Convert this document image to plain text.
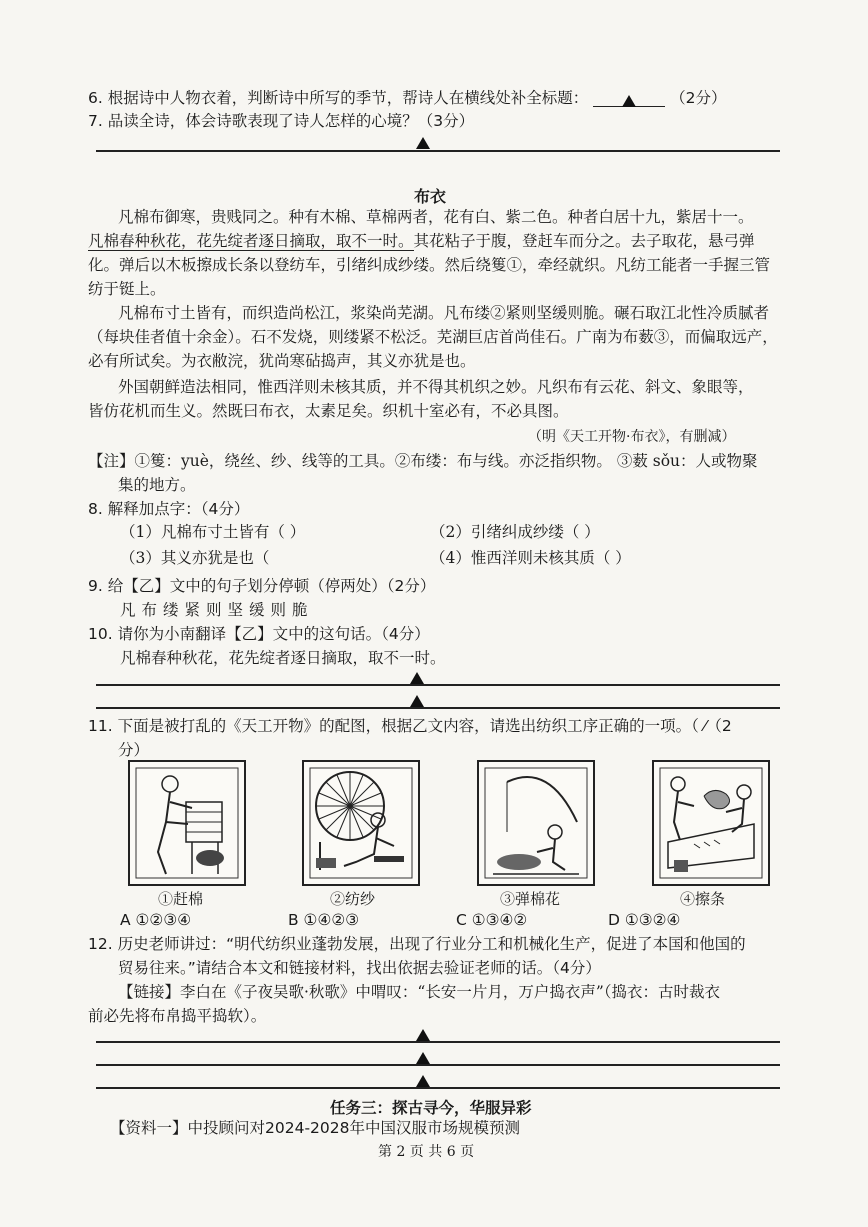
6. 根据诗中人物衣着，判断诗中所写的季节，帮诗人在横线处补全标题：	（2分）
7. 品读全诗，体会诗歌表现了诗人怎样的心境？（3分）
布衣
凡棉布御寒，贵贱同之。种有木棉、草棉两者，花有白、紫二色。种者白居十九，紫居十一。
凡棉春种秋花，花先绽者逐日摘取，取不一时。其花粘子于腹，登赶车而分之。去子取花，悬弓弹
化。弹后以木板擦成长条以登纺车，引绪纠成纱缕。然后绕篗①，牵经就织。凡纺工能者一手握三管
纺于铤上。
凡棉布寸土皆有，而织造尚松江，浆染尚芜湖。凡布缕②紧则坚缓则脆。碾石取江北性冷质腻者
（每块佳者值十余金）。石不发烧，则缕紧不松泛。芜湖巨店首尚佳石。广南为布薮③，而偏取远产，
必有所试矣。为衣敝浣，犹尚寒砧捣声，其义亦犹是也。
外国朝鲜造法相同，惟西洋则未核其质，并不得其机织之妙。凡织布有云花、斜文、象眼等，
皆仿花机而生义。然既曰布衣，太素足矣。织机十室必有，不必具图。
（明《天工开物·布衣》，有删减）
【注】①篗：yuè，绕丝、纱、线等的工具。②布缕：布与线。亦泛指织物。 ③薮 sǒu：人或物聚
集的地方。
8. 解释加点字：（4分）
（1）凡棉布寸土皆有（ ）	（2）引绪纠成纱缕（ ）
（3）其义亦犹是也（	（4）惟西洋则未核其质（ ）
9. 给【乙】文中的句子划分停顿（停两处）（2分）
凡布缕紧则坚缓则脆
10. 请你为小南翻译【乙】文中的这句话。（4分）
凡棉春种秋花，花先绽者逐日摘取，取不一时。
11. 下面是被打乱的《天工开物》的配图，根据乙文内容，请选出纺织工序正确的一项。（ ⁄（2
分）
①赶棉	②纺纱	③弹棉花	④擦条
A ①②③④	B ①④②③	C ①③④②	D ①③②④
12. 历史老师讲过：“明代纺织业蓬勃发展，出现了行业分工和机械化生产，促进了本国和他国的
贸易往来。”请结合本文和链接材料，找出依据去验证老师的话。（4分）
【链接】李白在《子夜吴歌·秋歌》中喟叹：“长安一片月，万户捣衣声”（捣衣：古时裁衣
前必先将布帛捣平捣软）。
任务三：探古寻今，华服异彩
【资料一】中投顾问对2024-2028年中国汉服市场规模预测
第 2 页 共 6 页
